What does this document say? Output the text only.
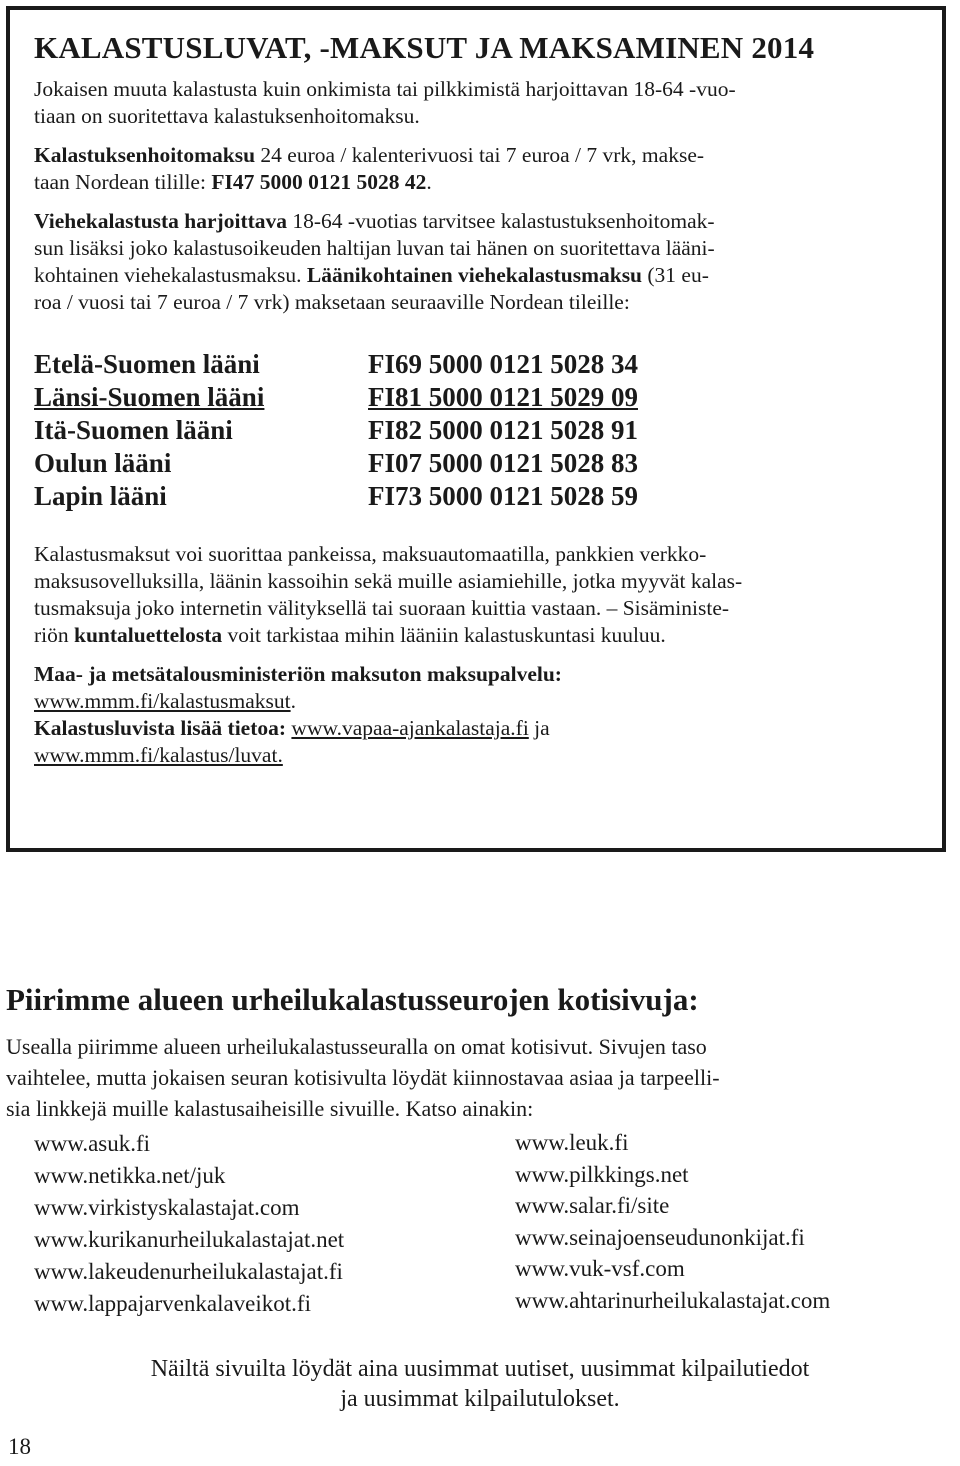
KALASTUSLUVAT, -MAKSUT JA MAKSAMINEN 2014

Jokaisen muuta kalastusta kuin onkimista tai pilkkimistä harjoittavan 18-64 -vuo-
tiaan on suoritettava kalastuksenhoitomaksu.

Kalastuksenhoitomaksu 24 euroa / kalenterivuosi tai 7 euroa / 7 vrk, makse-
taan Nordean tilille: FI47 5000 0121 5028 42.

Viehekalastusta harjoittava 18-64 -vuotias tarvitsee kalastustuksenhoitomak-
sun lisäksi joko kalastusoikeuden haltijan luvan tai hänen on suoritettava lääni-
kohtainen viehekalastusmaksu. Läänikohtainen viehekalastusmaksu (31 eu-
roa / vuosi tai 7 euroa / 7 vrk) maksetaan seuraaville Nordean tileille:

Etelä-Suomen lääni	FI69 5000 0121 5028 34
Länsi-Suomen lääni	FI81 5000 0121 5029 09
Itä-Suomen lääni	FI82 5000 0121 5028 91
Oulun lääni	FI07 5000 0121 5028 83
Lapin lääni	FI73 5000 0121 5028 59

Kalastusmaksut voi suorittaa pankeissa, maksuautomaatilla, pankkien verkko-
maksusovelluksilla, läänin kassoihin sekä muille asiamiehille, jotka myyvät kalas-
tusmaksuja joko internetin välityksellä tai suoraan kuittia vastaan. – Sisäministe-
riön kuntaluettelosta voit tarkistaa mihin lääniin kalastuskuntasi kuuluu.

Maa- ja metsätalousministeriön maksuton maksupalvelu:
www.mmm.fi/kalastusmaksut.
Kalastusluvista lisää tietoa: www.vapaa-ajankalastaja.fi ja
www.mmm.fi/kalastus/luvat.

Piirimme alueen urheilukalastusseurojen kotisivuja:

Usealla piirimme alueen urheilukalastusseuralla on omat kotisivut. Sivujen taso
vaihtelee, mutta jokaisen seuran kotisivulta löydät kiinnostavaa asiaa ja tarpeelli-
sia linkkejä muille kalastusaiheisille sivuille. Katso ainakin:

www.asuk.fi
www.netikka.net/juk
www.virkistyskalastajat.com
www.kurikanurheilukalastajat.net
www.lakeudenurheilukalastajat.fi
www.lappajarvenkalaveikot.fi
www.leuk.fi
www.pilkkings.net
www.salar.fi/site
www.seinajoenseudunonkijat.fi
www.vuk-vsf.com
www.ahtarinurheilukalastajat.com

Näiltä sivuilta löydät aina uusimmat uutiset, uusimmat kilpailutiedot
ja uusimmat kilpailutulokset.

18
